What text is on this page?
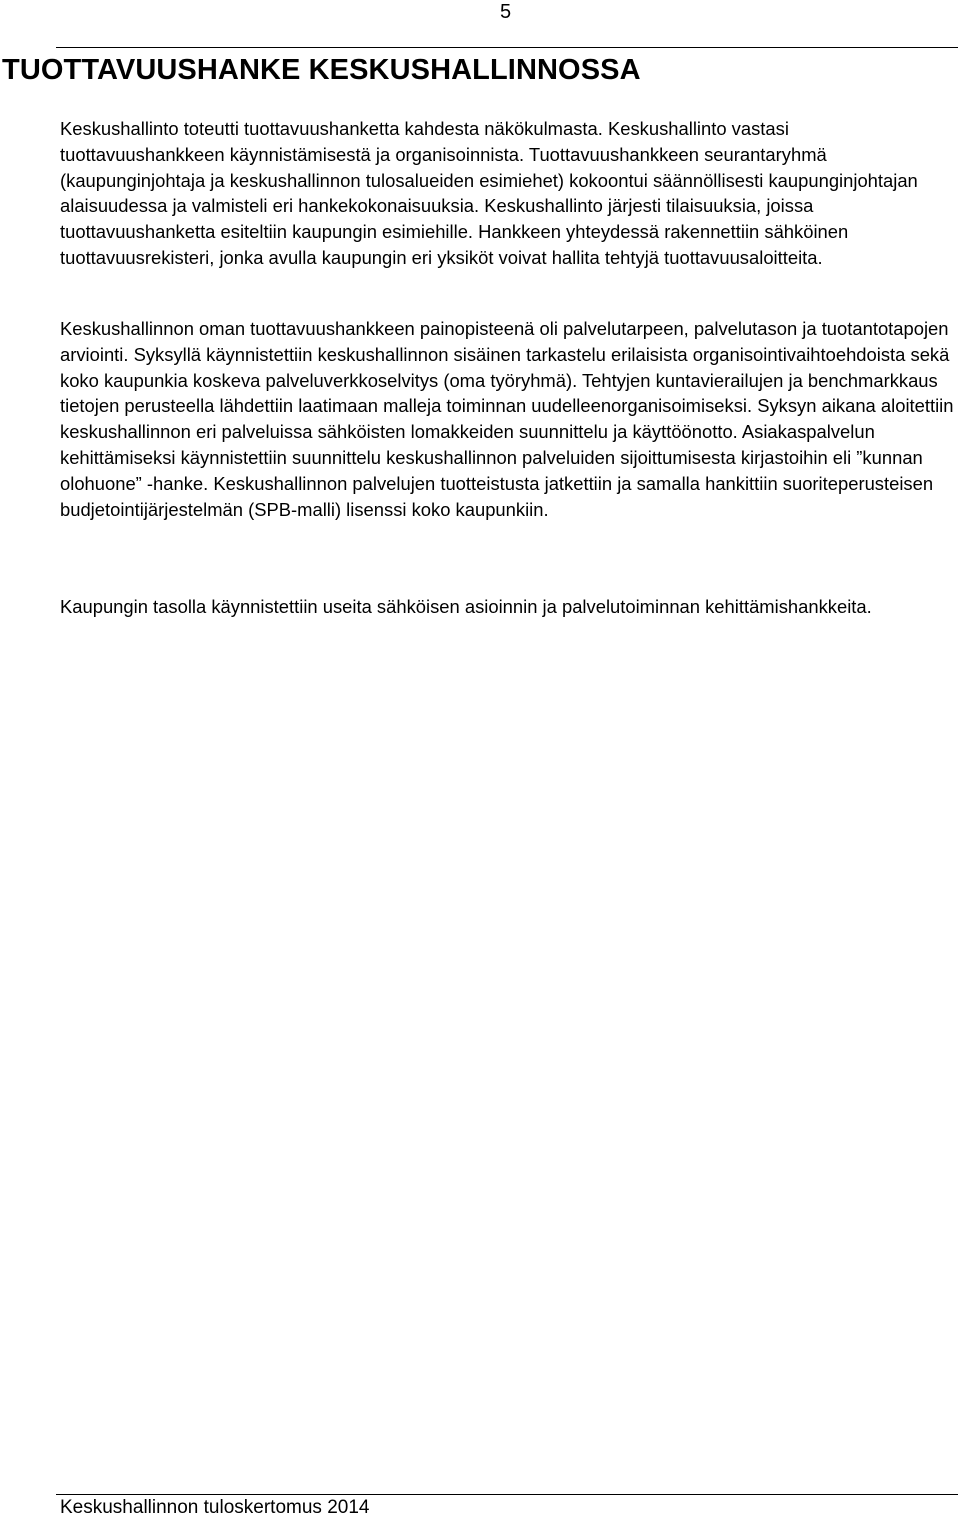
5
TUOTTAVUUSHANKE KESKUSHALLINNOSSA

Keskushallinto toteutti tuottavuushanketta kahdesta näkökulmasta. Keskushallinto vastasi tuottavuushankkeen käynnistämisestä ja organisoinnista. Tuottavuushankkeen seurantaryhmä (kaupunginjohtaja ja keskushallinnon tulosalueiden esimiehet) kokoontui säännöllisesti kaupunginjohtajan alaisuudessa ja valmisteli eri hankekokonaisuuksia. Keskushallinto järjesti tilaisuuksia, joissa tuottavuushanketta esiteltiin kaupungin esimiehille. Hankkeen yhteydessä rakennettiin sähköinen tuottavuusrekisteri, jonka avulla kaupungin eri yksiköt voivat hallita tehtyjä tuottavuusaloitteita.

Keskushallinnon oman tuottavuushankkeen painopisteenä oli palvelutarpeen, palvelutason ja tuotantotapojen arviointi. Syksyllä käynnistettiin keskushallinnon sisäinen tarkastelu erilaisista organisointivaihtoehdoista sekä koko kaupunkia koskeva palveluverkkoselvitys (oma työryhmä). Tehtyjen kuntavierailujen ja benchmarkkaus tietojen perusteella lähdettiin laatimaan malleja toiminnan uudelleenorganisoimiseksi. Syksyn aikana aloitettiin keskushallinnon eri palveluissa sähköisten lomakkeiden suunnittelu ja käyttöönotto. Asiakaspalvelun kehittämiseksi käynnistettiin suunnittelu keskushallinnon palveluiden sijoittumisesta kirjastoihin eli ”kunnan olohuone” -hanke. Keskushallinnon palvelujen tuotteistusta jatkettiin ja samalla hankittiin suoriteperusteisen budjetointijärjestelmän (SPB-malli) lisenssi koko kaupunkiin.

Kaupungin tasolla käynnistettiin useita sähköisen asioinnin ja palvelutoiminnan kehittämishankkeita.

Keskushallinnon tuloskertomus 2014
